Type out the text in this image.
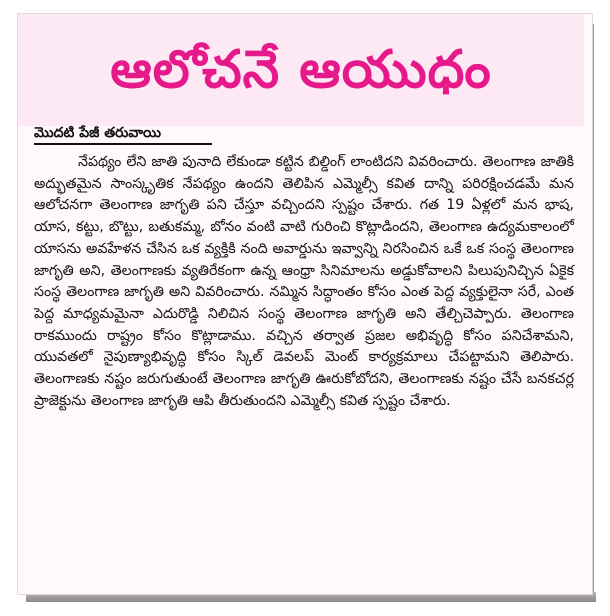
ఆలోచనే ఆయుధం
మొదటి పేజీ తరువాయి

నేపథ్యం లేని జాతి పునాది లేకుండా కట్టిన బిల్డింగ్ లాంటిదని వివరించారు. తెలంగాణ జాతికి అద్భుతమైన సాంస్కృతిక నేపథ్యం ఉందని తెలిపిన ఎమ్మెల్సీ కవిత దాన్ని పరిరక్షించడమే మన ఆలోచనగా తెలంగాణ జాగృతి పని చేస్తూ వచ్చిందని స్పష్టం చేశారు. గత 19 ఏళ్లలో మన భాష, యాస, కట్టు, బొట్టు, బతుకమ్మ, బోనం వంటి వాటి గురించి కొట్లాడిందని, తెలంగాణ ఉద్యమకాలంలో యాసను అవహేళన చేసిన ఒక వ్యక్తికి నంది అవార్డును ఇవ్వాన్ని నిరసించిన ఒకే ఒక సంస్థ తెలంగాణ జాగృతి అని, తెలంగాణకు వ్యతిరేకంగా ఉన్న ఆంధ్రా సినిమాలను అడ్డుకోవాలని పిలుపునిచ్చిన ఏకైక సంస్థ తెలంగాణ జాగృతి అని వివరించారు. నమ్మిన సిద్ధాంతం కోసం ఎంత పెద్ద వ్యక్తులైనా సరే, ఎంత పెద్ద మాధ్యమమైనా ఎదురొడ్డి నిలిచిన సంస్థ తెలంగాణ జాగృతి అని తేల్చిచెప్పారు. తెలంగాణ రాకముందు రాష్ట్రం కోసం కొట్లాడాము. వచ్చిన తర్వాత ప్రజల అభివృద్ధి కోసం పనిచేశామని, యువతలో నైపుణ్యాభివృద్ధి కోసం స్కిల్ డెవలప్ మెంట్ కార్యక్రమాలు చేపట్టామని తెలిపారు. తెలంగాణకు నష్టం జరుగుతుంటే తెలంగాణ జాగృతి ఊరుకోబోదని, తెలంగాణకు నష్టం చేసే బనకచర్ల ప్రాజెక్టును తెలంగాణ జాగృతి ఆపి తీరుతుందని ఎమ్మెల్సీ కవిత స్పష్టం చేశారు.
